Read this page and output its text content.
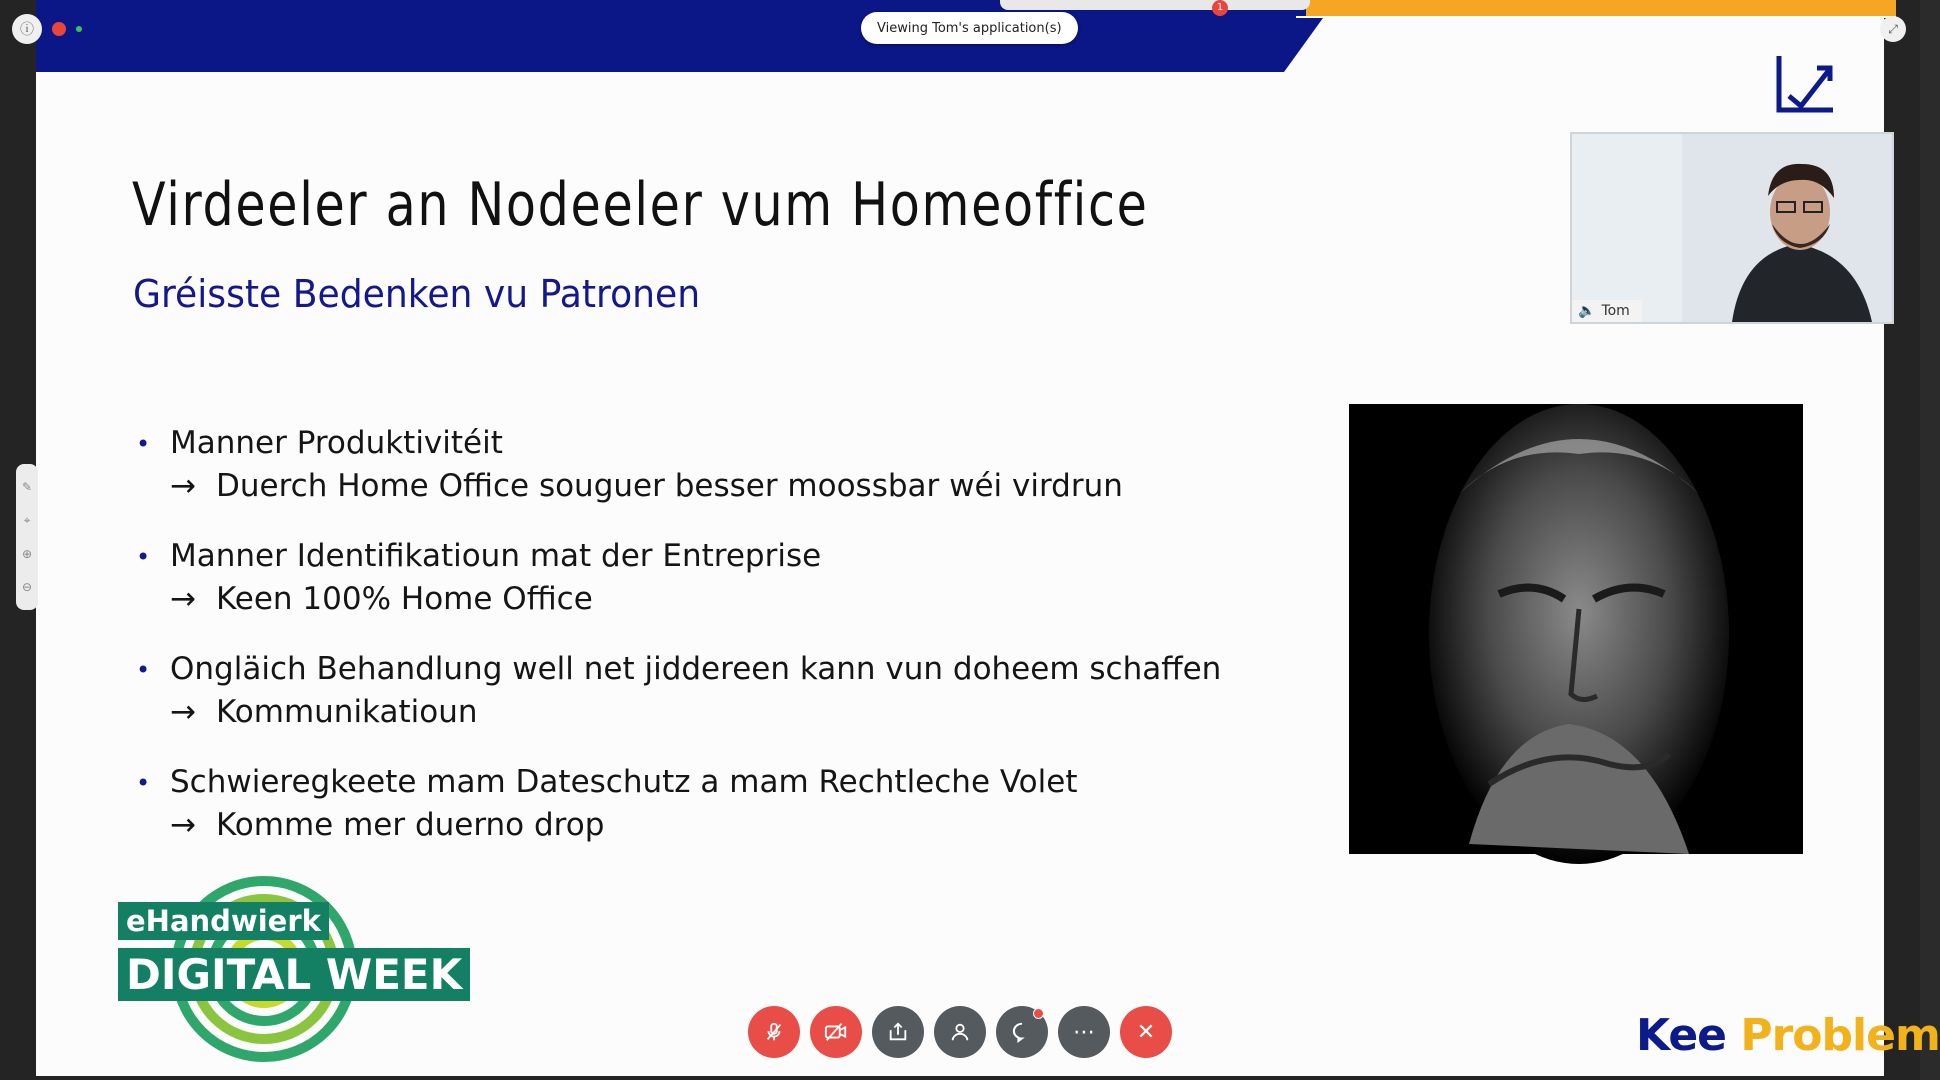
Virdeeler an Nodeeler vum Homeoffice
Gréisste Bedenken vu Patronen
• Manner Produktivitéit
→ Duerch Home Office souguer besser moossbar wéi virdrun
• Manner Identifikatioun mat der Entreprise
→ Keen 100% Home Office
• Ongläich Behandlung well net jiddereen kann vun doheem schaffen
→ Kommunikatioun
• Schwieregkeete mam Dateschutz a mam Rechtleche Volet
→ Komme mer duerno drop
eHandwierk
DIGITAL WEEK
Kee Problem
🔈 Tom
1
Viewing Tom's application(s)
ⓘ	⤢
✎
⌖
⊕
⊖
⋯ ✕
